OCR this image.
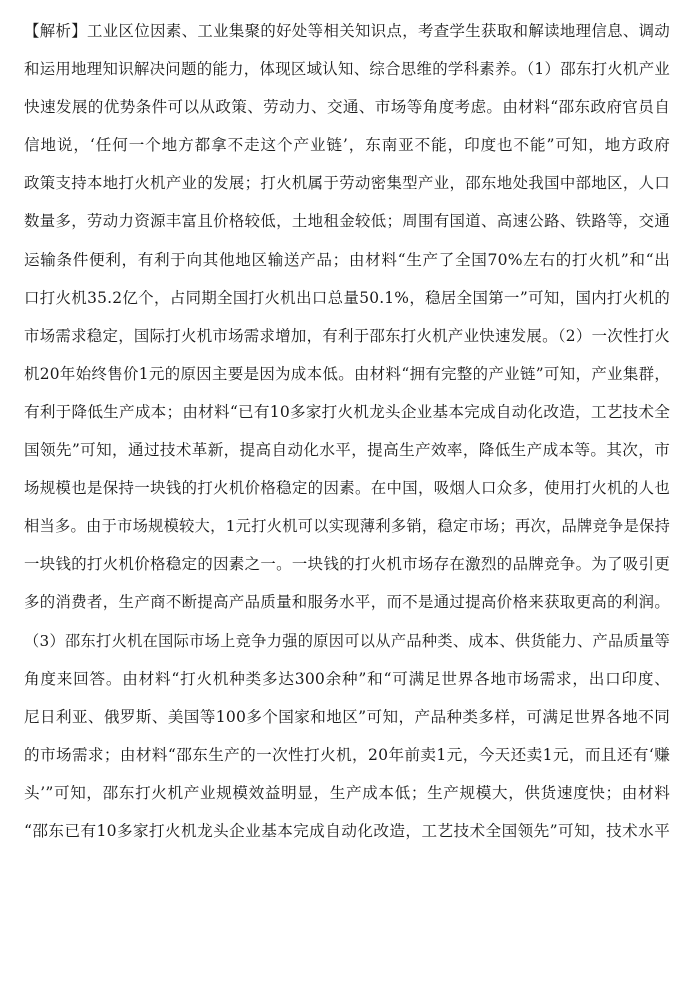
【解析】工业区位因素、工业集聚的好处等相关知识点，考查学生获取和解读地理信息、调动
和运用地理知识解决问题的能力，体现区域认知、综合思维的学科素养。（1）邵东打火机产业
快速发展的优势条件可以从政策、劳动力、交通、市场等角度考虑。由材料“邵东政府官员自
信地说，‘任何一个地方都拿不走这个产业链’，东南亚不能，印度也不能”可知，地方政府
政策支持本地打火机产业的发展；打火机属于劳动密集型产业，邵东地处我国中部地区，人口
数量多，劳动力资源丰富且价格较低，土地租金较低；周围有国道、高速公路、铁路等，交通
运输条件便利，有利于向其他地区输送产品；由材料“生产了全国70%左右的打火机”和“出
口打火机35.2亿个，占同期全国打火机出口总量50.1%，稳居全国第一”可知，国内打火机的
市场需求稳定，国际打火机市场需求增加，有利于邵东打火机产业快速发展。（2）一次性打火
机20年始终售价1元的原因主要是因为成本低。由材料“拥有完整的产业链”可知，产业集群，
有利于降低生产成本；由材料“已有10多家打火机龙头企业基本完成自动化改造，工艺技术全
国领先”可知，通过技术革新，提高自动化水平，提高生产效率，降低生产成本等。其次，市
场规模也是保持一块钱的打火机价格稳定的因素。在中国，吸烟人口众多，使用打火机的人也
相当多。由于市场规模较大，1元打火机可以实现薄利多销，稳定市场；再次，品牌竞争是保持
一块钱的打火机价格稳定的因素之一。一块钱的打火机市场存在激烈的品牌竞争。为了吸引更
多的消费者，生产商不断提高产品质量和服务水平，而不是通过提高价格来获取更高的利润。
（3）邵东打火机在国际市场上竞争力强的原因可以从产品种类、成本、供货能力、产品质量等
角度来回答。由材料“打火机种类多达300余种”和“可满足世界各地市场需求，出口印度、
尼日利亚、俄罗斯、美国等100多个国家和地区”可知，产品种类多样，可满足世界各地不同
的市场需求；由材料“邵东生产的一次性打火机，20年前卖1元，今天还卖1元，而且还有‘赚
头’”可知，邵东打火机产业规模效益明显，生产成本低；生产规模大，供货速度快；由材料
“邵东已有10多家打火机龙头企业基本完成自动化改造，工艺技术全国领先”可知，技术水平
